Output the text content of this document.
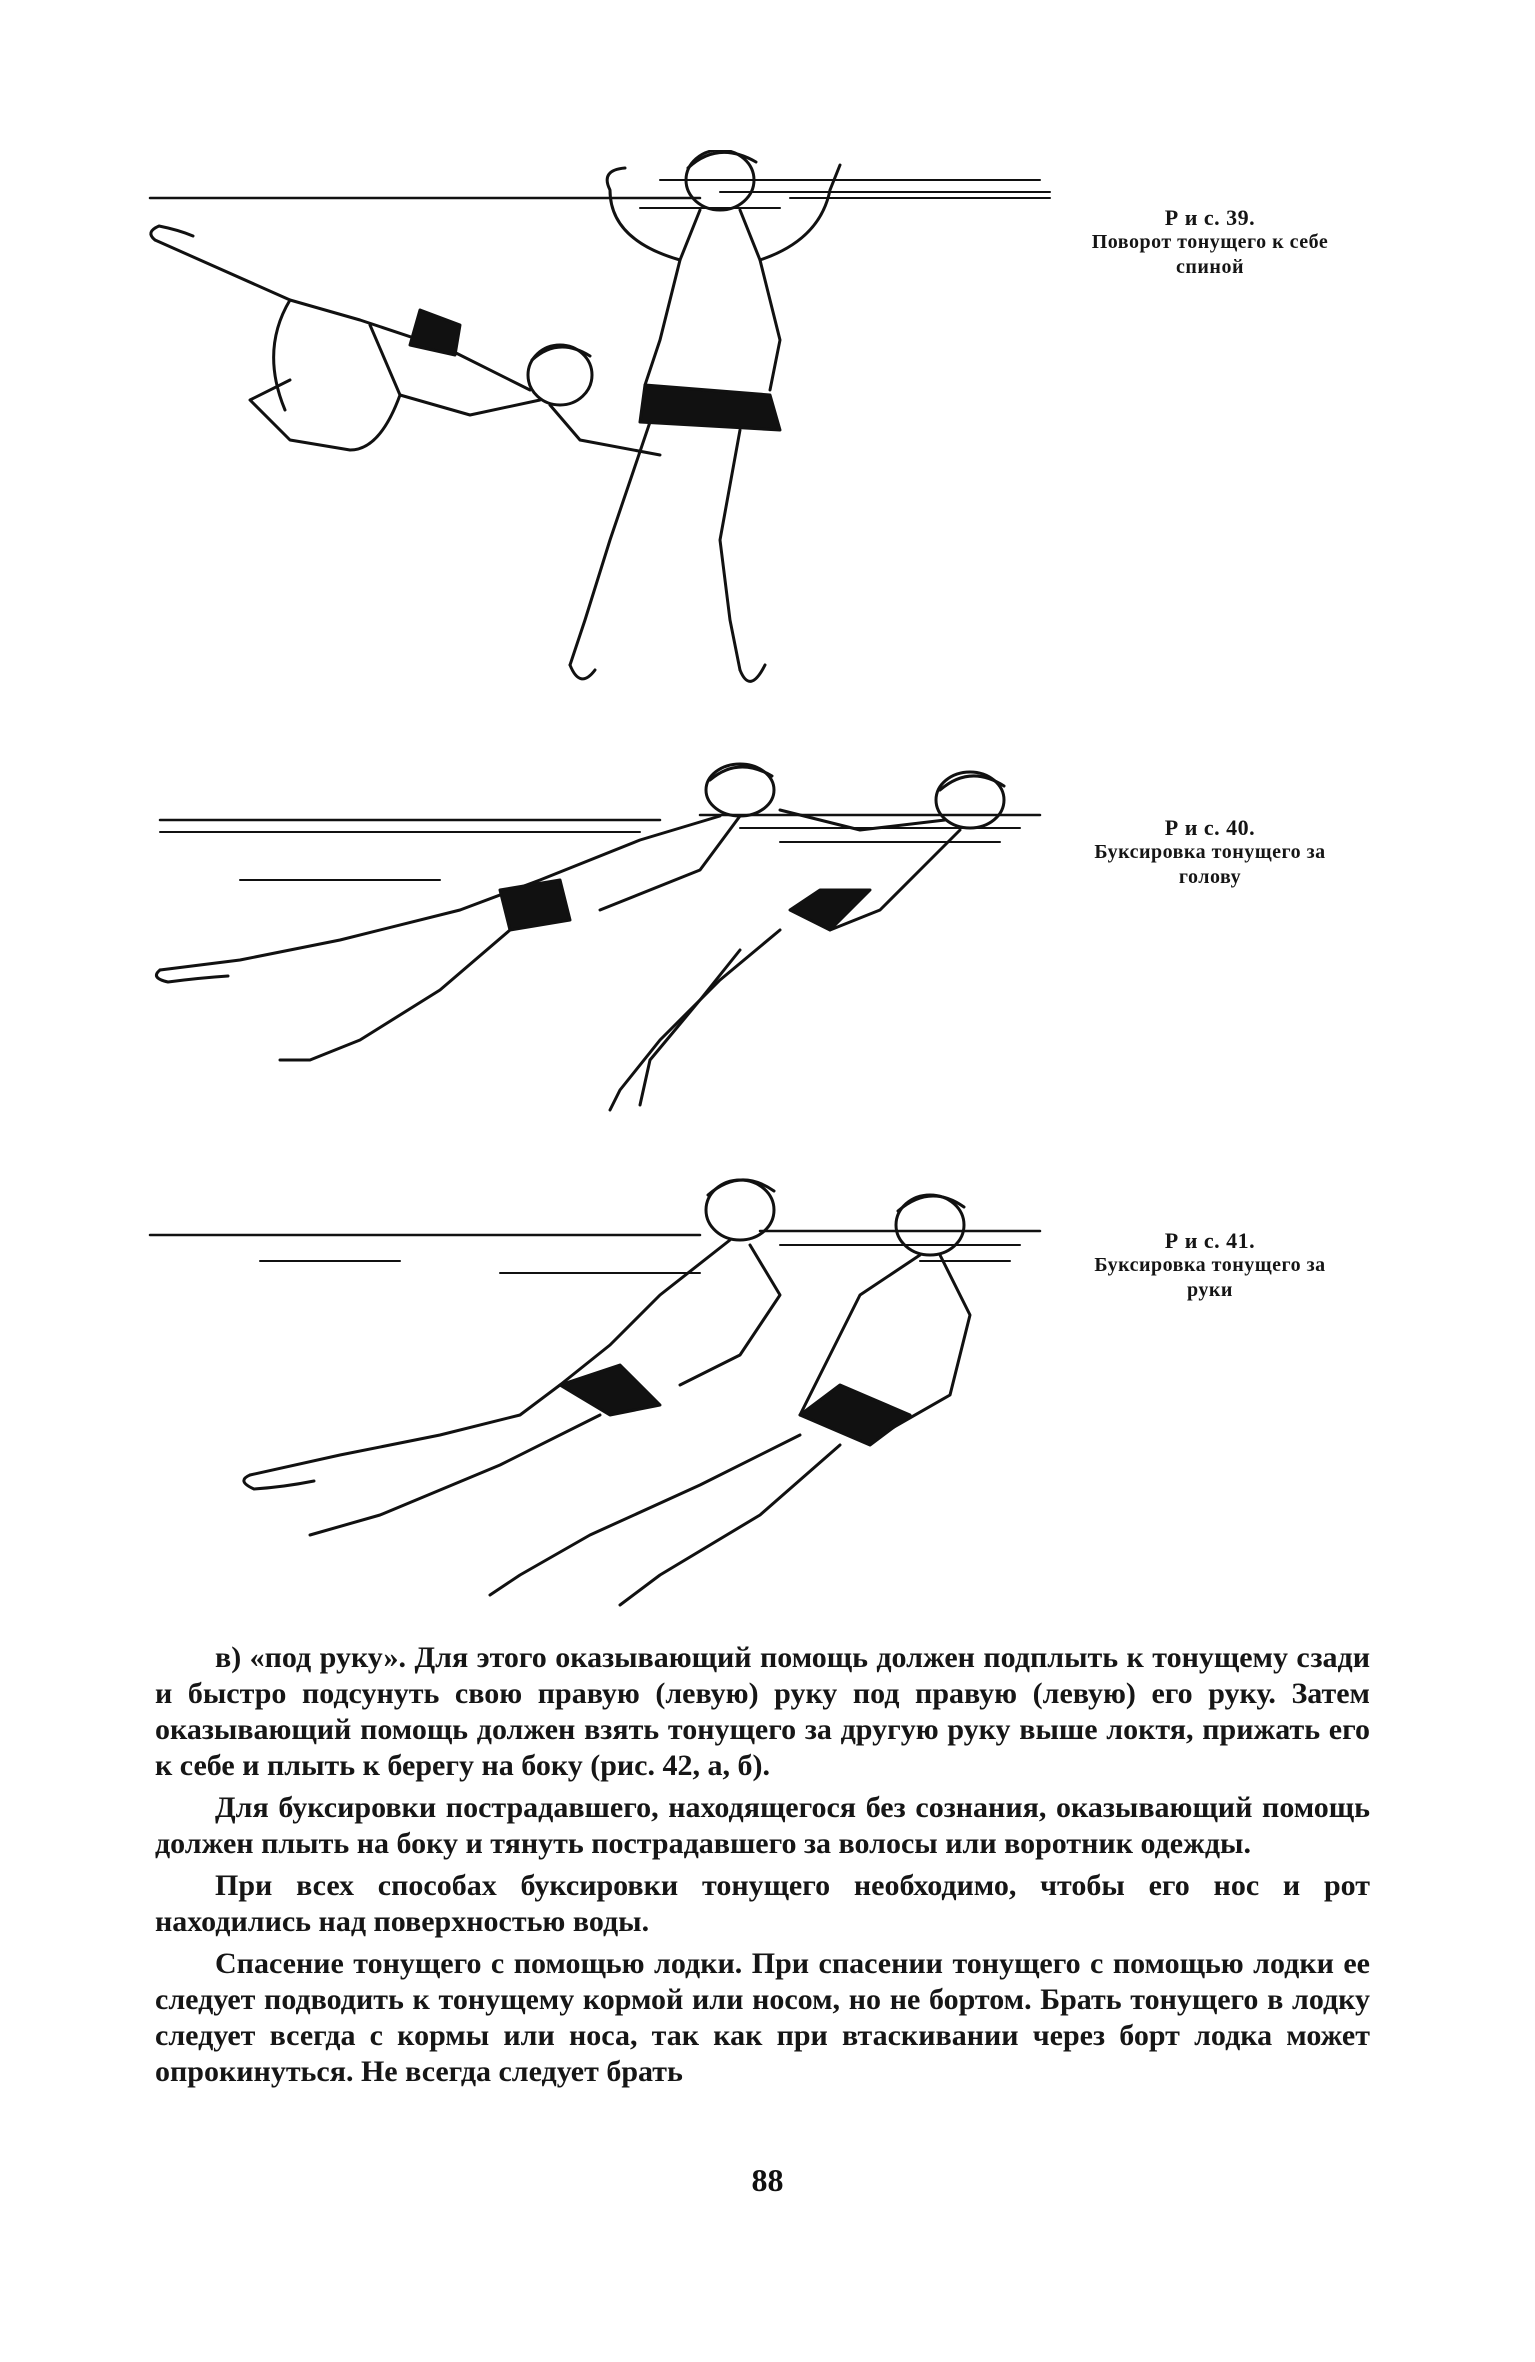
Р и с. 39.
Поворот тонущего к себе спиной
Р и с. 40.
Буксировка тонущего за голову
Р и с. 41.
Буксировка тонущего за руки

в) «под руку». Для этого оказывающий помощь должен подплыть к тонущему сзади и быстро подсунуть свою правую (левую) руку под правую (левую) его руку. Затем оказывающий помощь должен взять тонущего за другую руку выше локтя, прижать его к себе и плыть к берегу на боку (рис. 42, а, б).

Для буксировки пострадавшего, находящегося без сознания, оказывающий помощь должен плыть на боку и тянуть пострадавшего за волосы или воротник одежды.

При всех способах буксировки тонущего необходимо, чтобы его нос и рот находились над поверхностью воды.

Спасение тонущего с помощью лодки. При спасении тонущего с помощью лодки ее следует подводить к тонущему кормой или носом, но не бортом. Брать тонущего в лодку следует всегда с кормы или носа, так как при втаскивании через борт лодка может опрокинуться. Не всегда следует брать

88
